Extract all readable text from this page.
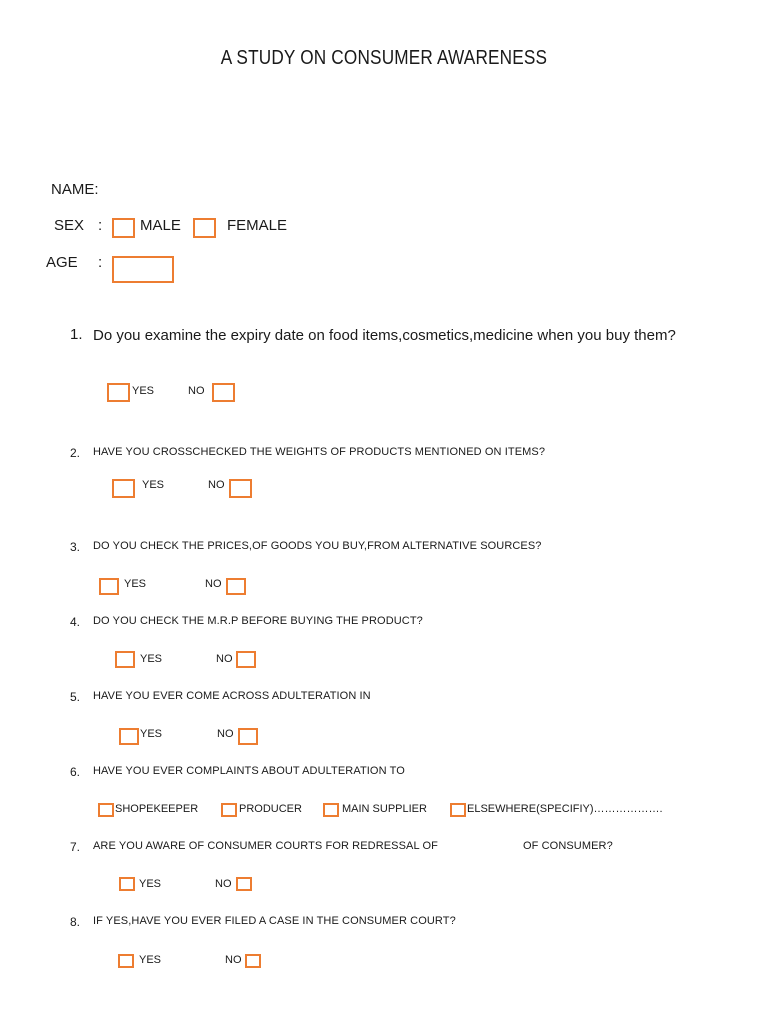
A STUDY ON CONSUMER AWARENESS
NAME:
SEX :	MALE	FEMALE
AGE :
1. Do you examine the expiry date on food items,cosmetics,medicine when you buy them?
YES	NO
2. HAVE YOU CROSSCHECKED THE WEIGHTS OF PRODUCTS MENTIONED ON ITEMS?
YES	NO
3. DO YOU CHECK THE PRICES,OF GOODS YOU BUY,FROM ALTERNATIVE SOURCES?
YES	NO
4. DO YOU CHECK THE M.R.P BEFORE BUYING THE PRODUCT?
YES	NO
5. HAVE YOU EVER COME ACROSS ADULTERATION IN
YES	NO
6. HAVE YOU EVER COMPLAINTS ABOUT ADULTERATION TO
SHOPEKEEPER	PRODUCER	MAIN SUPPLIER	ELSEWHERE(SPECIFIY)……………….
7. ARE YOU AWARE OF CONSUMER COURTS FOR REDRESSAL OF	OF CONSUMER?
YES	NO
8. IF YES,HAVE YOU EVER FILED A CASE IN THE CONSUMER COURT?
YES	NO
